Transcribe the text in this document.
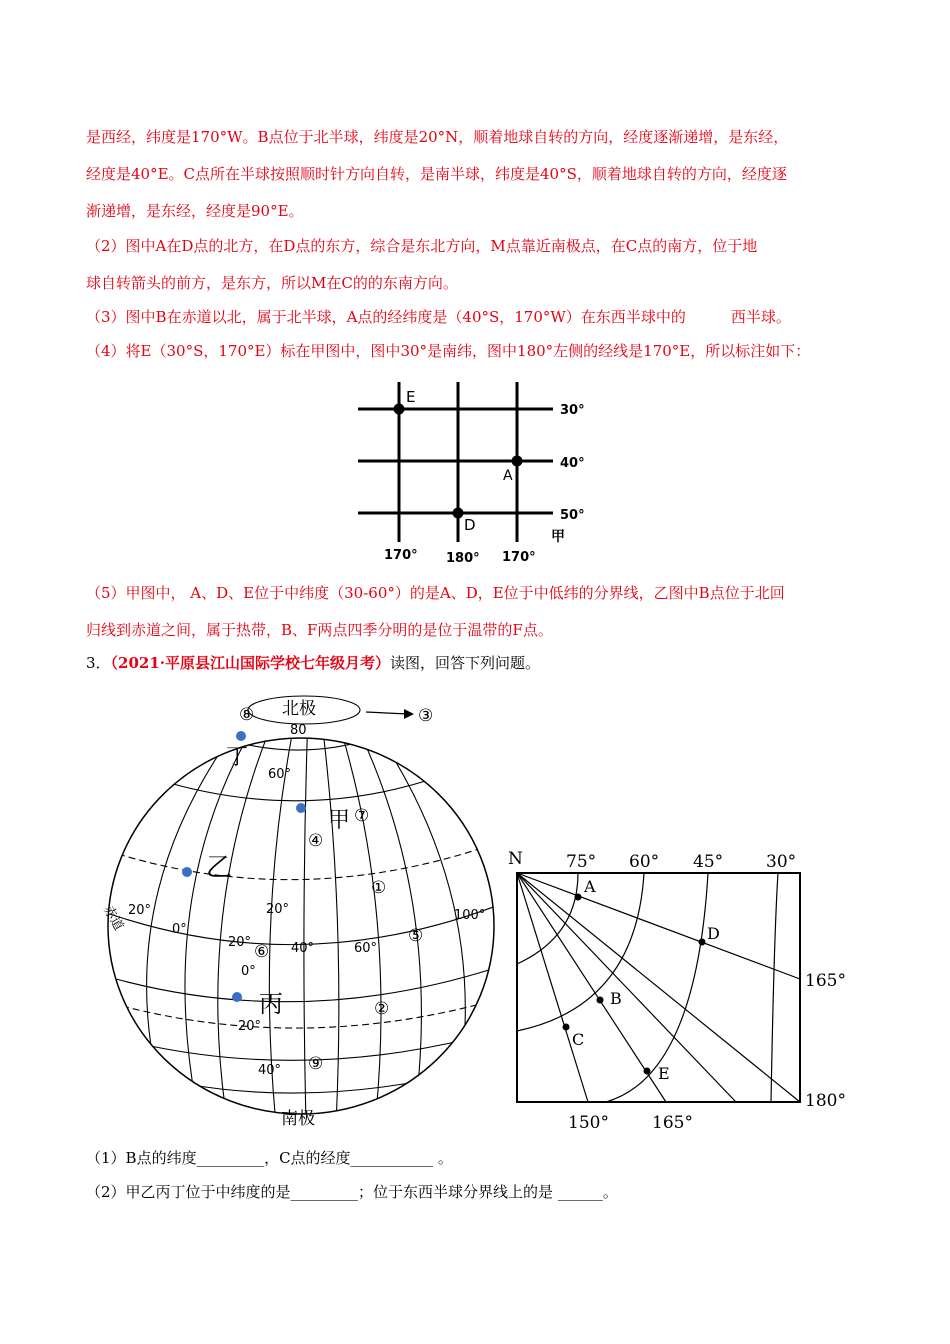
是西经，纬度是170°W。B点位于北半球，纬度是20°N，顺着地球自转的方向，经度逐渐递增，是东经，
经度是40°E。C点所在半球按照顺时针方向自转，是南半球，纬度是40°S，顺着地球自转的方向，经度逐
渐递增，是东经，经度是90°E。

（2）图中A在D点的北方，在D点的东方，综合是东北方向，M点靠近南极点，在C点的南方，位于地
球自转箭头的前方，是东方，所以M在C的的东南方向。

（3）图中B在赤道以北，属于北半球，A点的经纬度是（40°S，170°W）在东西半球中的　　　西半球。

（4）将E（30°S，170°E）标在甲图中，图中30°是南纬，图中180°左侧的经线是170°E，所以标注如下：

E
A
D
30°
40°
50°
170° 180° 170°
甲

（5）甲图中， A、D、E位于中纬度（30-60°）的是A、D，E位于中低纬的分界线，乙图中B点位于北回
归线到赤道之间，属于热带，B、F两点四季分明的是位于温带的F点。

3．（2021·平原县江山国际学校七年级月考）读图，回答下列问题。
北极
⑧	③
80
60°
甲 ⑦
④
乙
①
赤道 20°
0°
20°
20° ⑥ 40°	60°
⑤
100°
0°
丙	②
20°
⑨
40°
丁
南极
N	75° 60° 45°	30°
165°
180°
150°	165°
A
B
C
D
E
（1）B点的纬度_________，C点的经度___________ 。
（2）甲乙丙丁位于中纬度的是_________；位于东西半球分界线上的是 ______。
